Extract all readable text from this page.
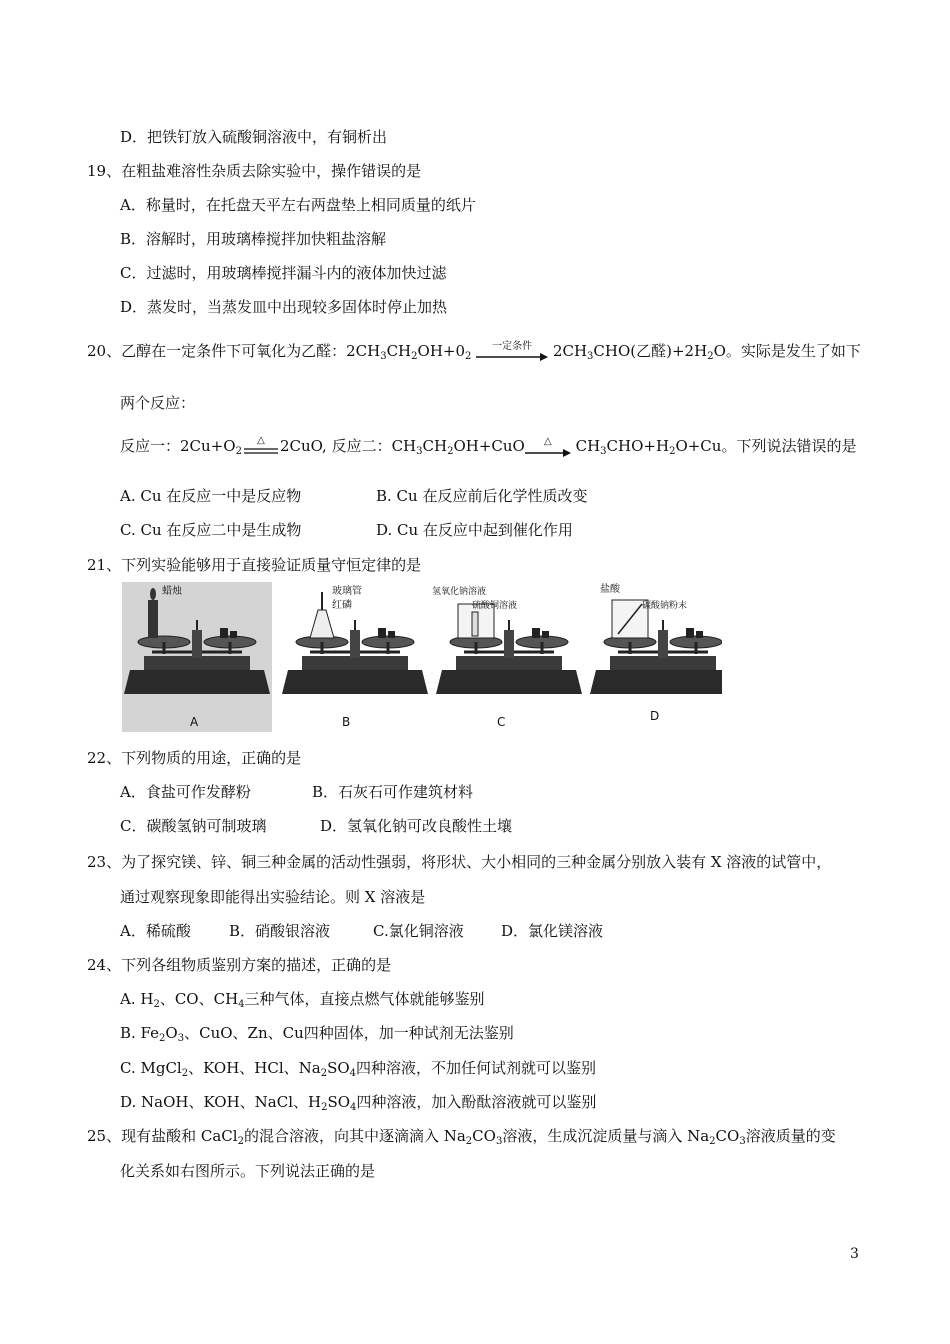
D．把铁钉放入硫酸铜溶液中，有铜析出
19、在粗盐难溶性杂质去除实验中，操作错误的是
A．称量时，在托盘天平左右两盘垫上相同质量的纸片
B．溶解时，用玻璃棒搅拌加快粗盐溶解
C．过滤时，用玻璃棒搅拌漏斗内的液体加快过滤
D．蒸发时，当蒸发皿中出现较多固体时停止加热
20、乙醇在一定条件下可氧化为乙醛：$2CH_3CH_2OH+0_2$
一定条件	$2CH_3CHO$(乙醛)$+2H_2O$。实际是发生了如下
两个反应：
反应一：$2Cu+O_2$
△	2CuO, 反应二：$CH_3CH_2OH+CuO$	△	$CH_3CHO+H_2O+Cu$。下列说法错误的是
A. Cu 在反应一中是反应物	B. Cu 在反应前后化学性质改变
C. Cu 在反应二中是生成物	D. Cu 在反应中起到催化作用
21、下列实验能够用于直接验证质量守恒定律的是
蜡烛
A
玻璃管
红磷
B
氢氧化钠溶液
硫酸铜溶液
C
盐酸
碳酸钠粉末
D
22、下列物质的用途，正确的是
A．食盐可作发酵粉	B．石灰石可作建筑材料
C．碳酸氢钠可制玻璃	D．氢氧化钠可改良酸性土壤
23、为了探究镁、锌、铜三种金属的活动性强弱，将形状、大小相同的三种金属分别放入装有 X 溶液的试管中，
通过观察现象即能得出实验结论。则 X 溶液是
A．稀硫酸	B．硝酸银溶液	C.氯化铜溶液 D．氯化镁溶液
24、下列各组物质鉴别方案的描述，正确的是
A. $H_2$、CO、$CH_4$三种气体，直接点燃气体就能够鉴别
B. $Fe_2O_3$、CuO、Zn、Cu四种固体，加一种试剂无法鉴别
C. MgCl$_2$、KOH、HCl、$Na_2SO_4$四种溶液，不加任何试剂就可以鉴别
D. NaOH、KOH、NaCl、$H_2SO_4$四种溶液，加入酚酞溶液就可以鉴别
25、现有盐酸和 CaCl$_2$的混合溶液，向其中逐滴滴入 $Na_2CO_3$溶液，生成沉淀质量与滴入 $Na_2CO_3$溶液质量的变
化关系如右图所示。下列说法正确的是
3
